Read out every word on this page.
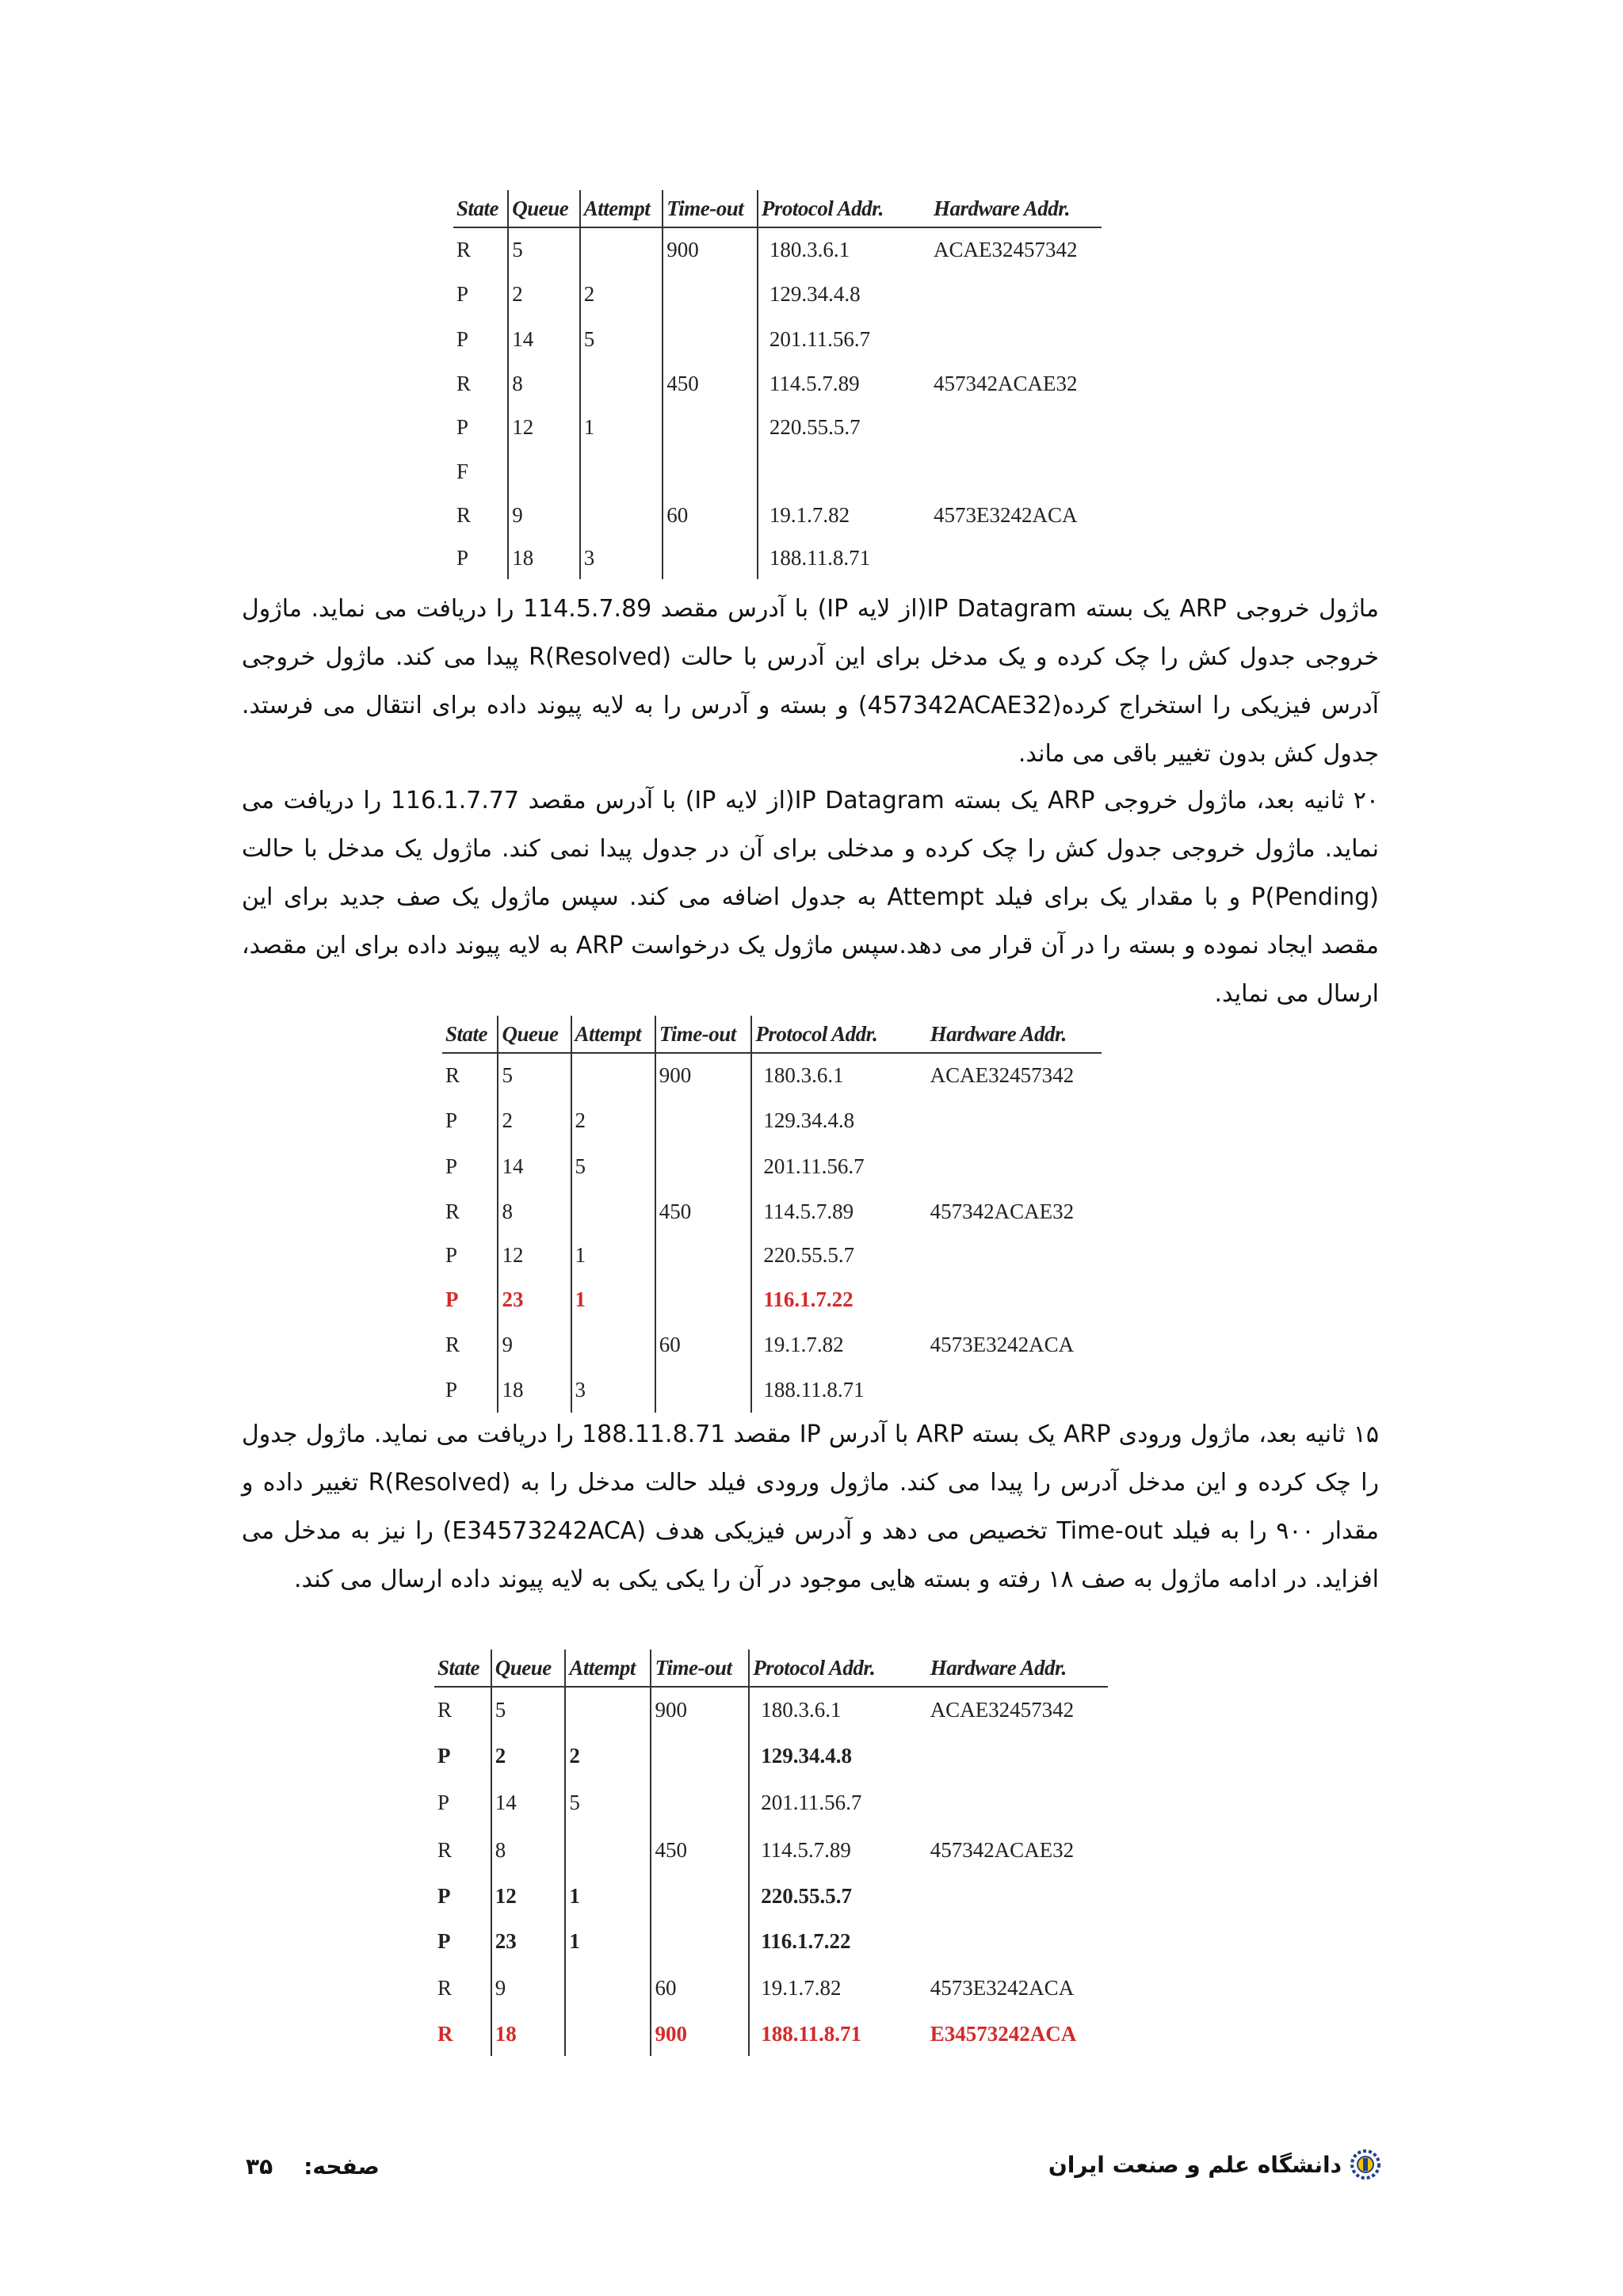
State	Queue	Attempt	Time-out	Protocol Addr.	Hardware Addr.
R	5		900	180.3.6.1	ACAE32457342
P	2	2		129.34.4.8	
P	14	5		201.11.56.7	
R	8		450	114.5.7.89	457342ACAE32
P	12	1		220.55.5.7	
F					
R	9		60	19.1.7.82	4573E3242ACA
P	18	3		188.11.8.71	
ماژول خروجی ARP یک بسته IP Datagram(از لایه IP) با آدرس مقصد 114.5.7.89 را دریافت می نماید. ماژول خروجی جدول کش را چک کرده و یک مدخل برای این آدرس با حالت R(Resolved) پیدا می کند. ماژول خروجی آدرس فیزیکی را استخراج کرده(457342ACAE32) و بسته و آدرس را به لایه پیوند داده برای انتقال می فرستد. جدول کش بدون تغییر باقی می ماند.
۲۰ ثانیه بعد، ماژول خروجی ARP یک بسته IP Datagram(از لایه IP) با آدرس مقصد 116.1.7.77 را دریافت می نماید. ماژول خروجی جدول کش را چک کرده و مدخلی برای آن در جدول پیدا نمی کند. ماژول یک مدخل با حالت P(Pending) و با مقدار یک برای فیلد Attempt به جدول اضافه می کند. سپس ماژول یک صف جدید برای این مقصد ایجاد نموده و بسته را در آن قرار می دهد.سپس ماژول یک درخواست ARP به لایه پیوند داده برای این مقصد، ارسال می نماید.
State	Queue	Attempt	Time-out	Protocol Addr.	Hardware Addr.
R	5		900	180.3.6.1	ACAE32457342
P	2	2		129.34.4.8	
P	14	5		201.11.56.7	
R	8		450	114.5.7.89	457342ACAE32
P	12	1		220.55.5.7	
P	23	1		116.1.7.22	
R	9		60	19.1.7.82	4573E3242ACA
P	18	3		188.11.8.71	
۱۵ ثانیه بعد، ماژول ورودی ARP یک بسته ARP با آدرس IP مقصد 188.11.8.71 را دریافت می نماید. ماژول جدول را چک کرده و این مدخل آدرس را پیدا می کند. ماژول ورودی فیلد حالت مدخل را به R(Resolved) تغییر داده و مقدار ۹۰۰ را به فیلد Time-out تخصیص می دهد و آدرس فیزیکی هدف (E34573242ACA) را نیز به مدخل می افزاید. در ادامه ماژول به صف ۱۸ رفته و بسته هایی موجود در آن را یکی یکی به لایه پیوند داده ارسال می کند.
State	Queue	Attempt	Time-out	Protocol Addr.	Hardware Addr.
R	5		900	180.3.6.1	ACAE32457342
P	2	2		129.34.4.8	
P	14	5		201.11.56.7	
R	8		450	114.5.7.89	457342ACAE32
P	12	1		220.55.5.7	
P	23	1		116.1.7.22	
R	9		60	19.1.7.82	4573E3242ACA
R	18		900	188.11.8.71	E34573242ACA
صفحه:    ۳۵	دانشگاه علم و صنعت ایران
